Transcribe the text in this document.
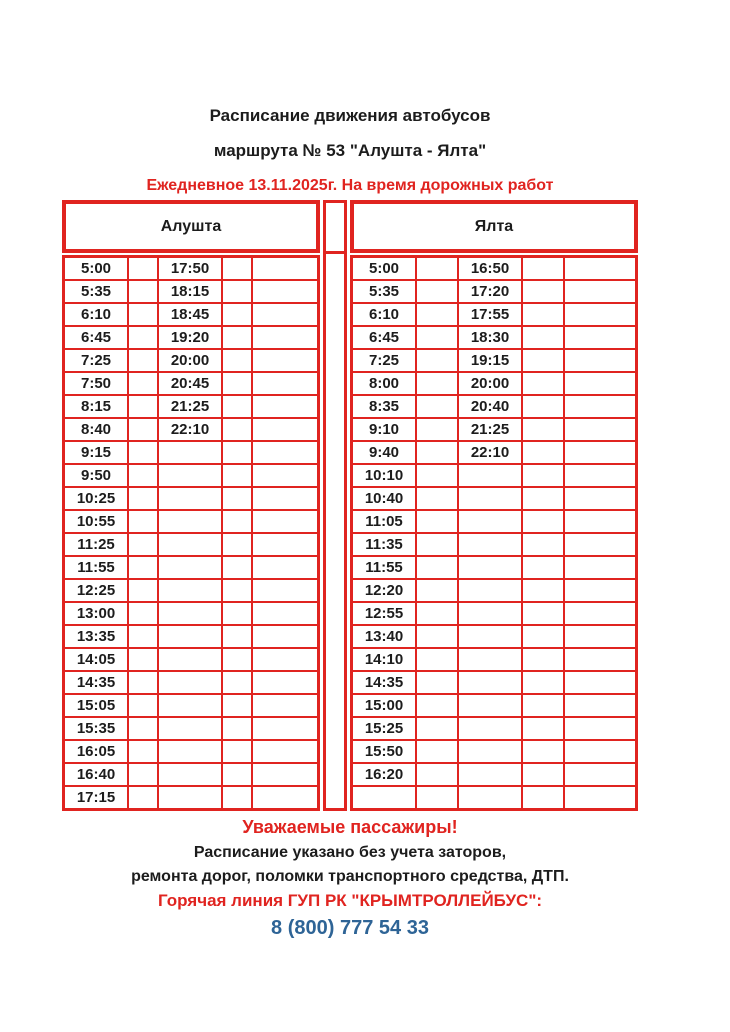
Расписание движения автобусов
маршрута № 53 "Алушта - Ялта"
Ежедневное 13.11.2025г. На время дорожных работ
Алушта
5:00		17:50		
5:35		18:15		
6:10		18:45		
6:45		19:20		
7:25		20:00		
7:50		20:45		
8:15		21:25		
8:40		22:10		
9:15				
9:50				
10:25				
10:55				
11:25				
11:55				
12:25				
13:00				
13:35				
14:05				
14:35				
15:05				
15:35				
16:05				
16:40				
17:15				
Ялта
5:00		16:50		
5:35		17:20		
6:10		17:55		
6:45		18:30		
7:25		19:15		
8:00		20:00		
8:35		20:40		
9:10		21:25		
9:40		22:10		
10:10				
10:40				
11:05				
11:35				
11:55				
12:20				
12:55				
13:40				
14:10				
14:35				
15:00				
15:25				
15:50				
16:20				

Уважаемые пассажиры!
Расписание указано без учета заторов,
ремонта дорог, поломки транспортного средства, ДТП.
Горячая линия ГУП РК "КРЫМТРОЛЛЕЙБУС":
8 (800) 777 54 33
